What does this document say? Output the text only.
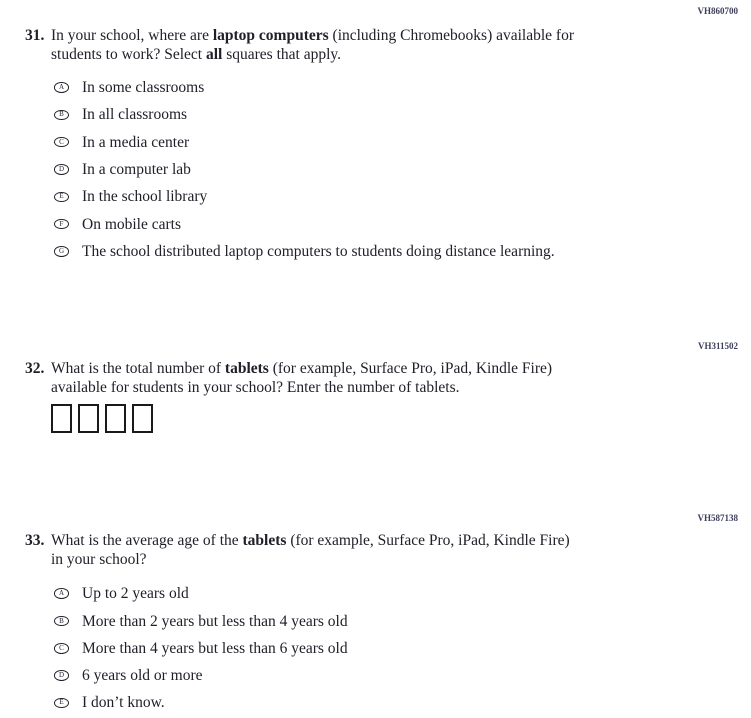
VH860700
31. In your school, where are laptop computers (including Chromebooks) available for
students to work? Select all squares that apply.
A	In some classrooms
B	In all classrooms
C	In a media center
D	In a computer lab
E	In the school library
F	On mobile carts
G	The school distributed laptop computers to students doing distance learning.
VH311502
32. What is the total number of tablets (for example, Surface Pro, iPad, Kindle Fire)
available for students in your school? Enter the number of tablets.
VH587138
33. What is the average age of the tablets (for example, Surface Pro, iPad, Kindle Fire)
in your school?
A	Up to 2 years old
B	More than 2 years but less than 4 years old
C	More than 4 years but less than 6 years old
D	6 years old or more
E	I don’t know.
